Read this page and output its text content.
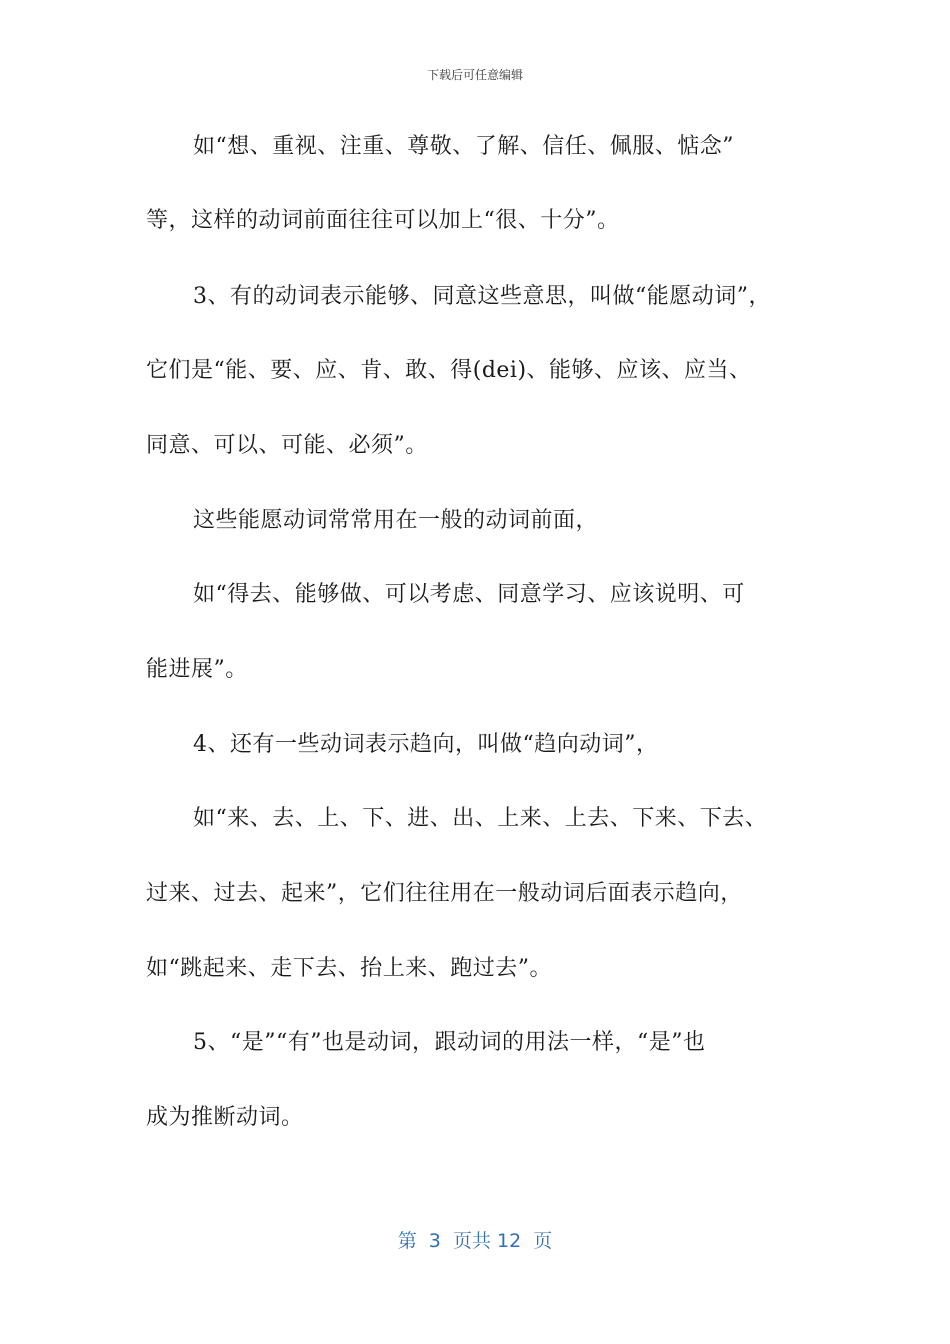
下载后可任意编辑
如“想、重视、注重、尊敬、了解、信任、佩服、惦念”
等，这样的动词前面往往可以加上“很、十分”。
3、有的动词表示能够、同意这些意思，叫做“能愿动词”，
它们是“能、要、应、肯、敢、得(dei)、能够、应该、应当、
同意、可以、可能、必须”。
这些能愿动词常常用在一般的动词前面，
如“得去、能够做、可以考虑、同意学习、应该说明、可
能进展”。
4、还有一些动词表示趋向，叫做“趋向动词”，
如“来、去、上、下、进、出、上来、上去、下来、下去、
过来、过去、起来”，它们往往用在一般动词后面表示趋向，
如“跳起来、走下去、抬上来、跑过去”。
5、“是”“有”也是动词，跟动词的用法一样，“是”也
成为推断动词。
第  3  页共 12  页
